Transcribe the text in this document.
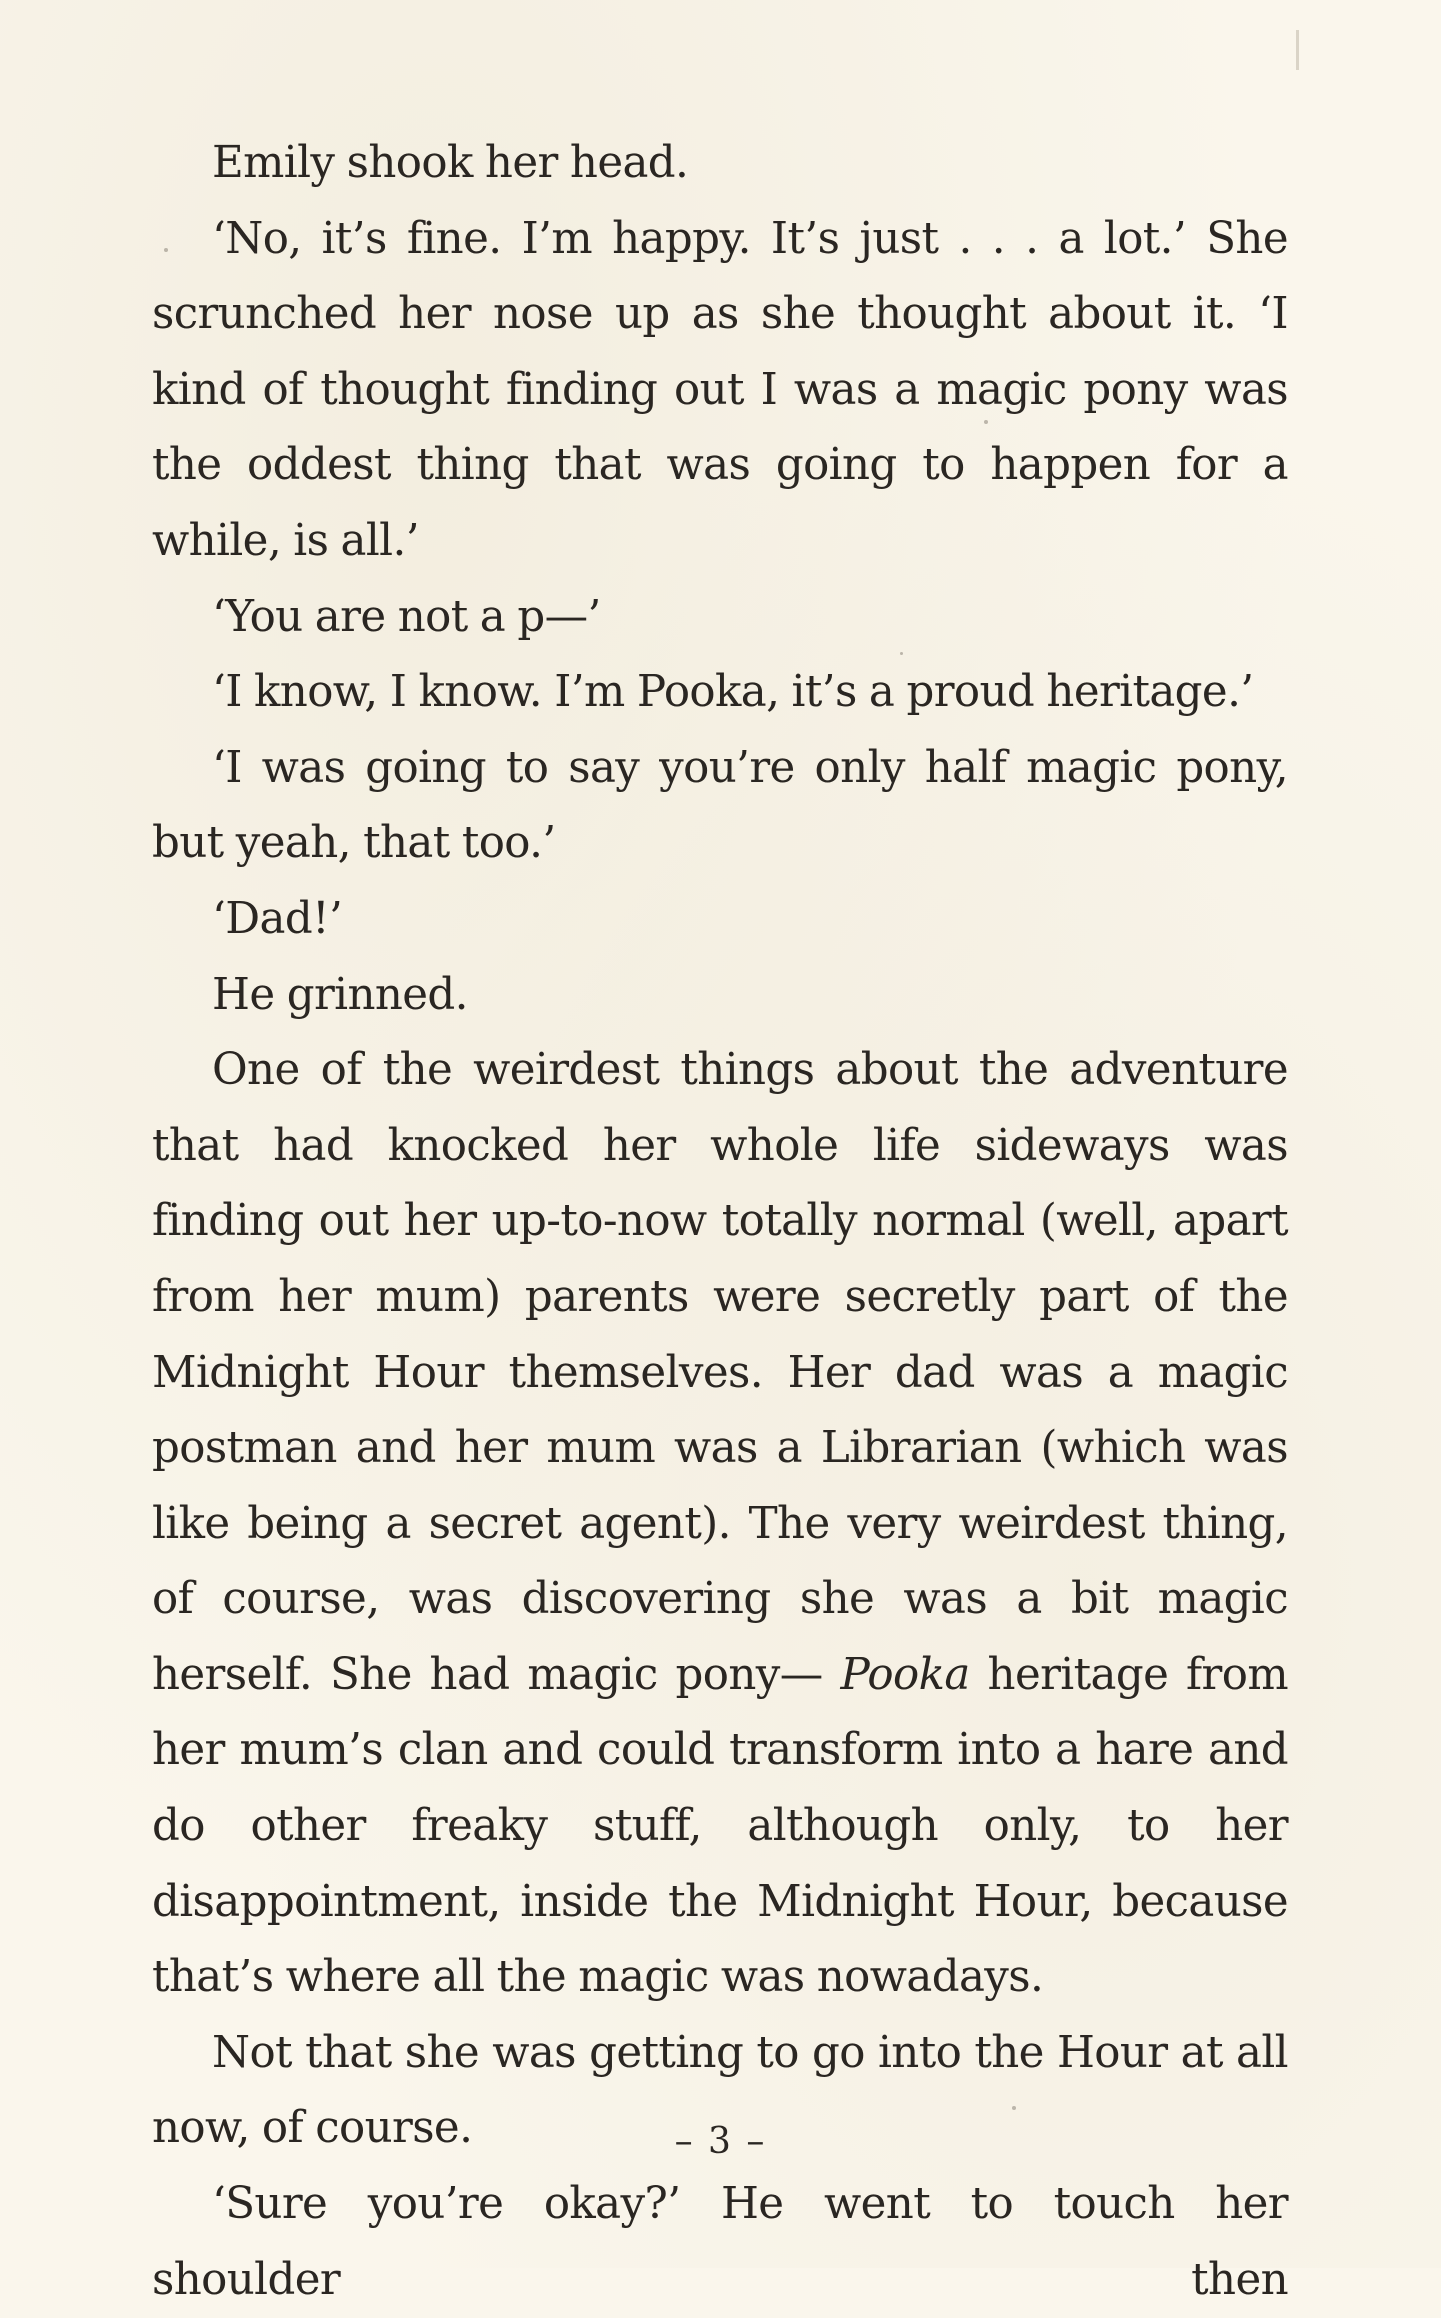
Emily shook her head.

‘No, it’s fine. I’m happy. It’s just . . . a lot.’ She scrunched her nose up as she thought about it. ‘I kind of thought finding out I was a magic pony was the oddest thing that was going to happen for a while, is all.’

‘You are not a p—’

‘I know, I know. I’m Pooka, it’s a proud heritage.’

‘I was going to say you’re only half magic pony, but yeah, that too.’

‘Dad!’

He grinned.

One of the weirdest things about the adventure that had knocked her whole life sideways was finding out her up-to-now totally normal (well, apart from her mum) parents were secretly part of the Midnight Hour themselves. Her dad was a magic postman and her mum was a Librarian (which was like being a secret agent). The very weirdest thing, of course, was discovering she was a bit magic herself. She had magic pony— Pooka heritage from her mum’s clan and could transform into a hare and do other freaky stuff, although only, to her disappointment, inside the Midnight Hour, because that’s where all the magic was nowadays.

Not that she was getting to go into the Hour at all now, of course.

‘Sure you’re okay?’ He went to touch her shoulder then

– 3 –
